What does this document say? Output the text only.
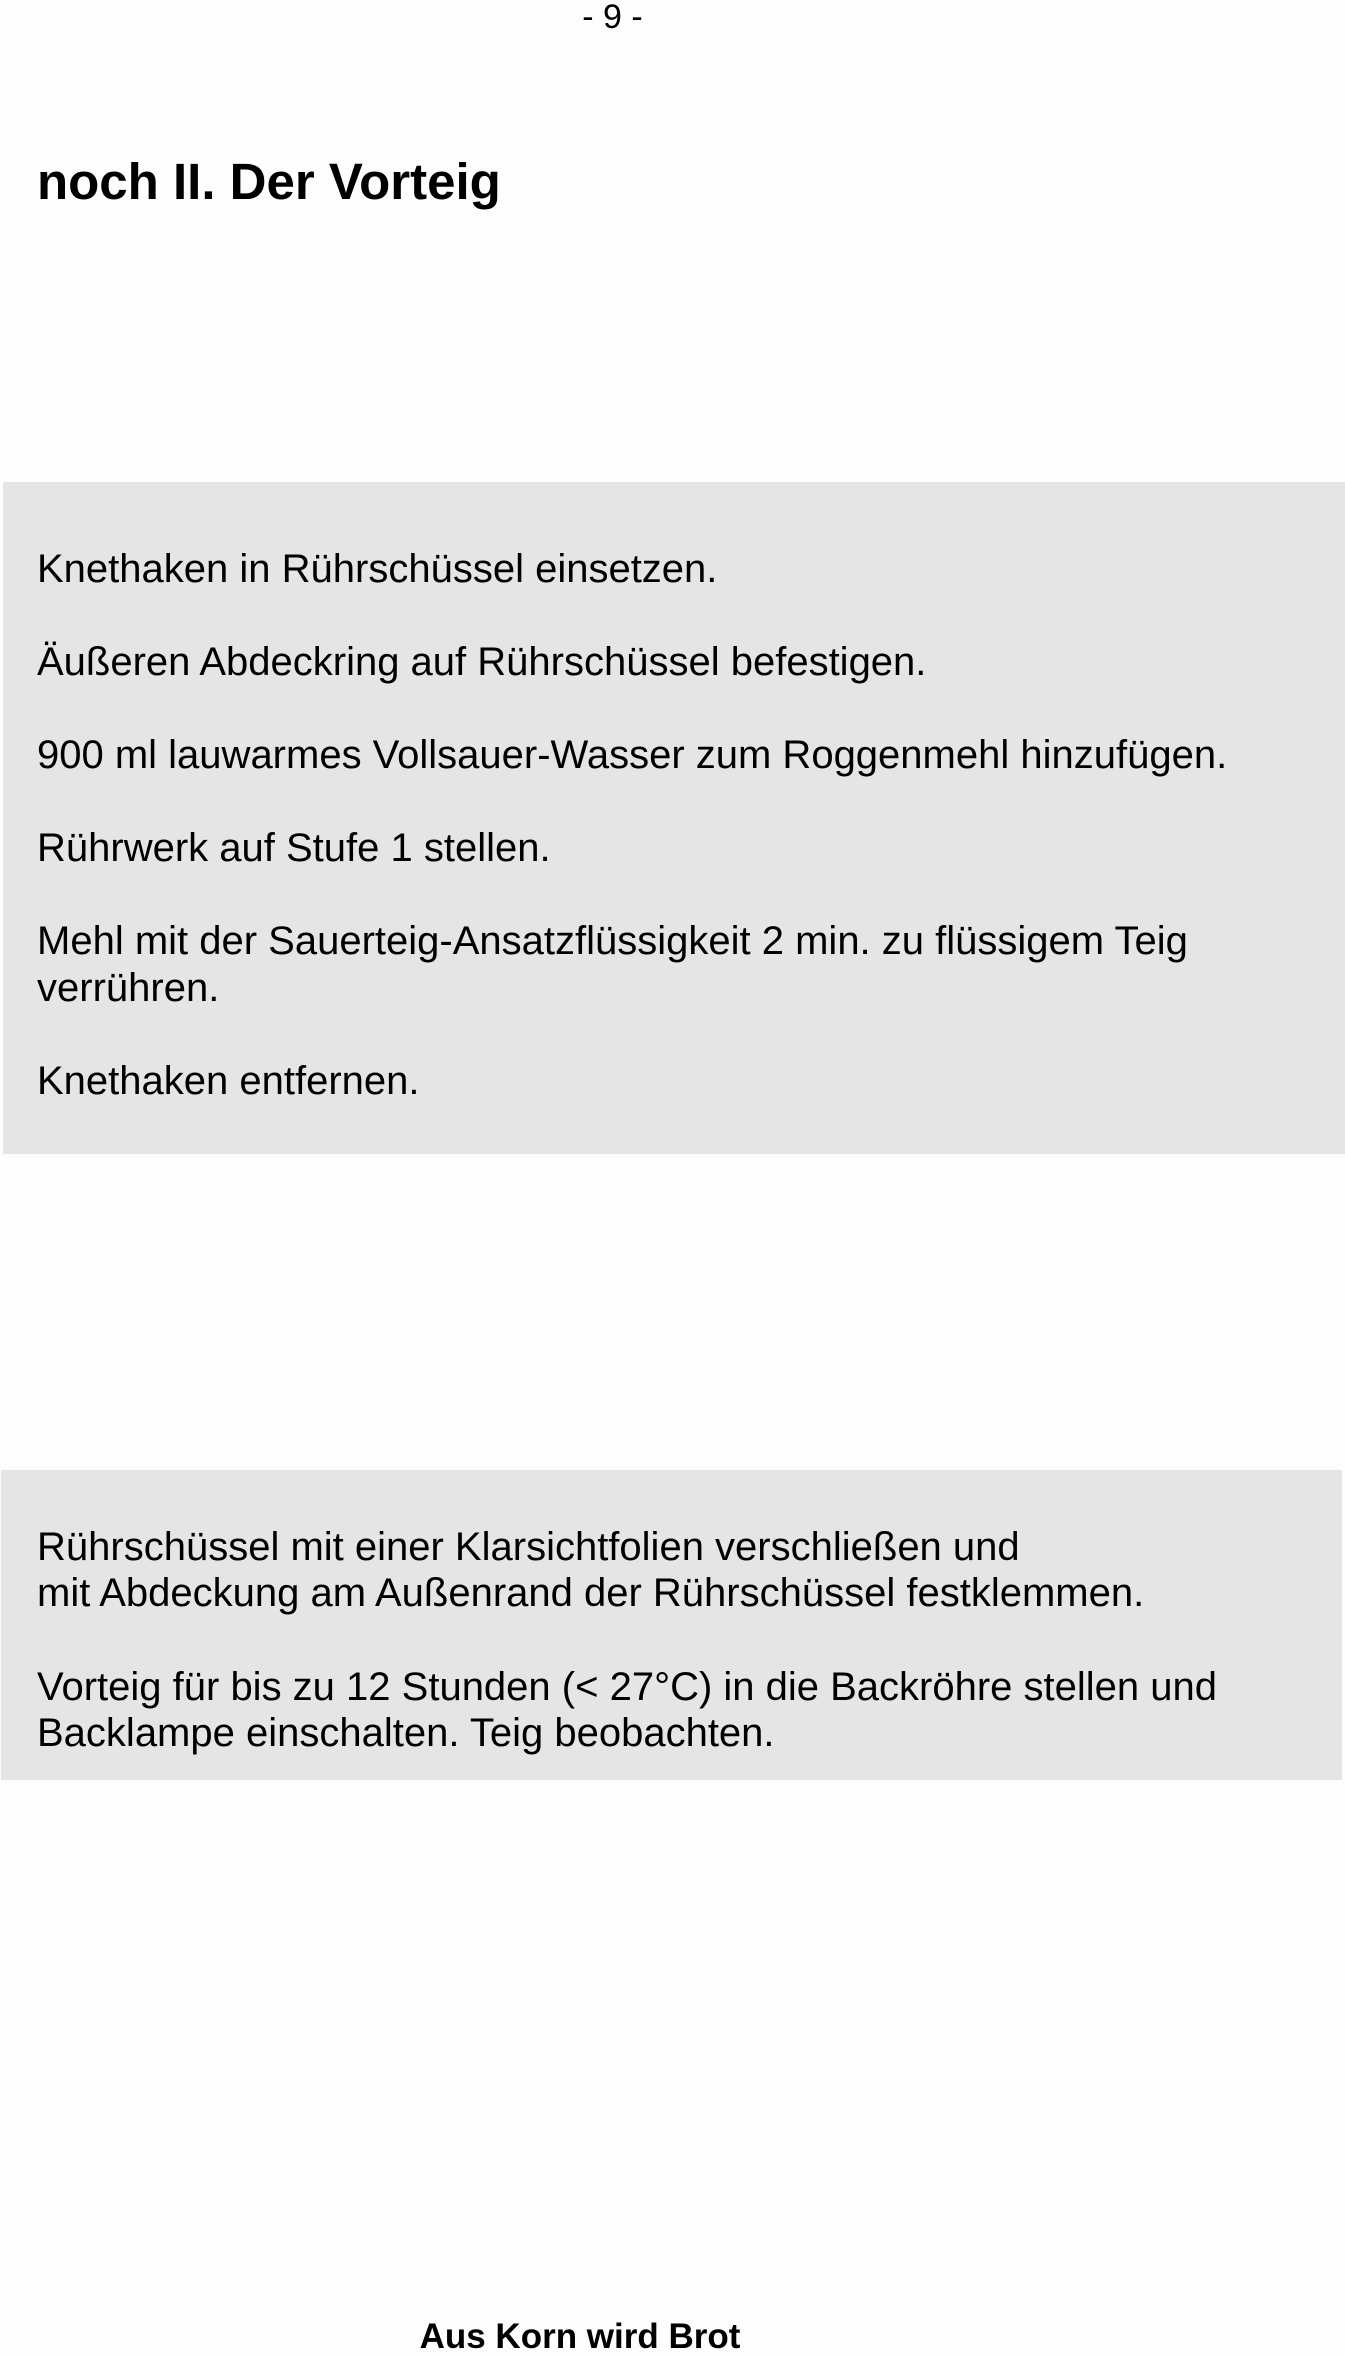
- 9 -
noch II. Der Vorteig

Knethaken in Rührschüssel einsetzen.

Äußeren Abdeckring auf Rührschüssel befestigen.

900 ml lauwarmes Vollsauer-Wasser zum Roggenmehl hinzufügen.

Rührwerk auf Stufe 1 stellen.

Mehl mit der Sauerteig-Ansatzflüssigkeit 2 min. zu flüssigem Teig

verrühren.

Knethaken entfernen.

Rührschüssel mit einer Klarsichtfolien verschließen und

mit Abdeckung am Außenrand der Rührschüssel festklemmen.

Vorteig für bis zu 12 Stunden (< 27°C) in die Backröhre stellen und

Backlampe einschalten. Teig beobachten.

Aus Korn wird Brot
